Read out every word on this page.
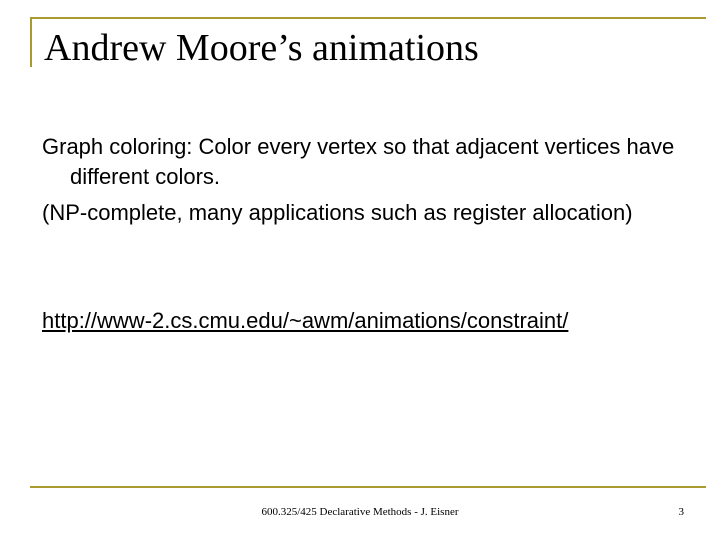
Andrew Moore’s animations

Graph coloring: Color every vertex so that adjacent vertices have different colors.

(NP-complete, many applications such as register allocation)

http://www-2.cs.cmu.edu/~awm/animations/constraint/
600.325/425 Declarative Methods - J. Eisner	3
